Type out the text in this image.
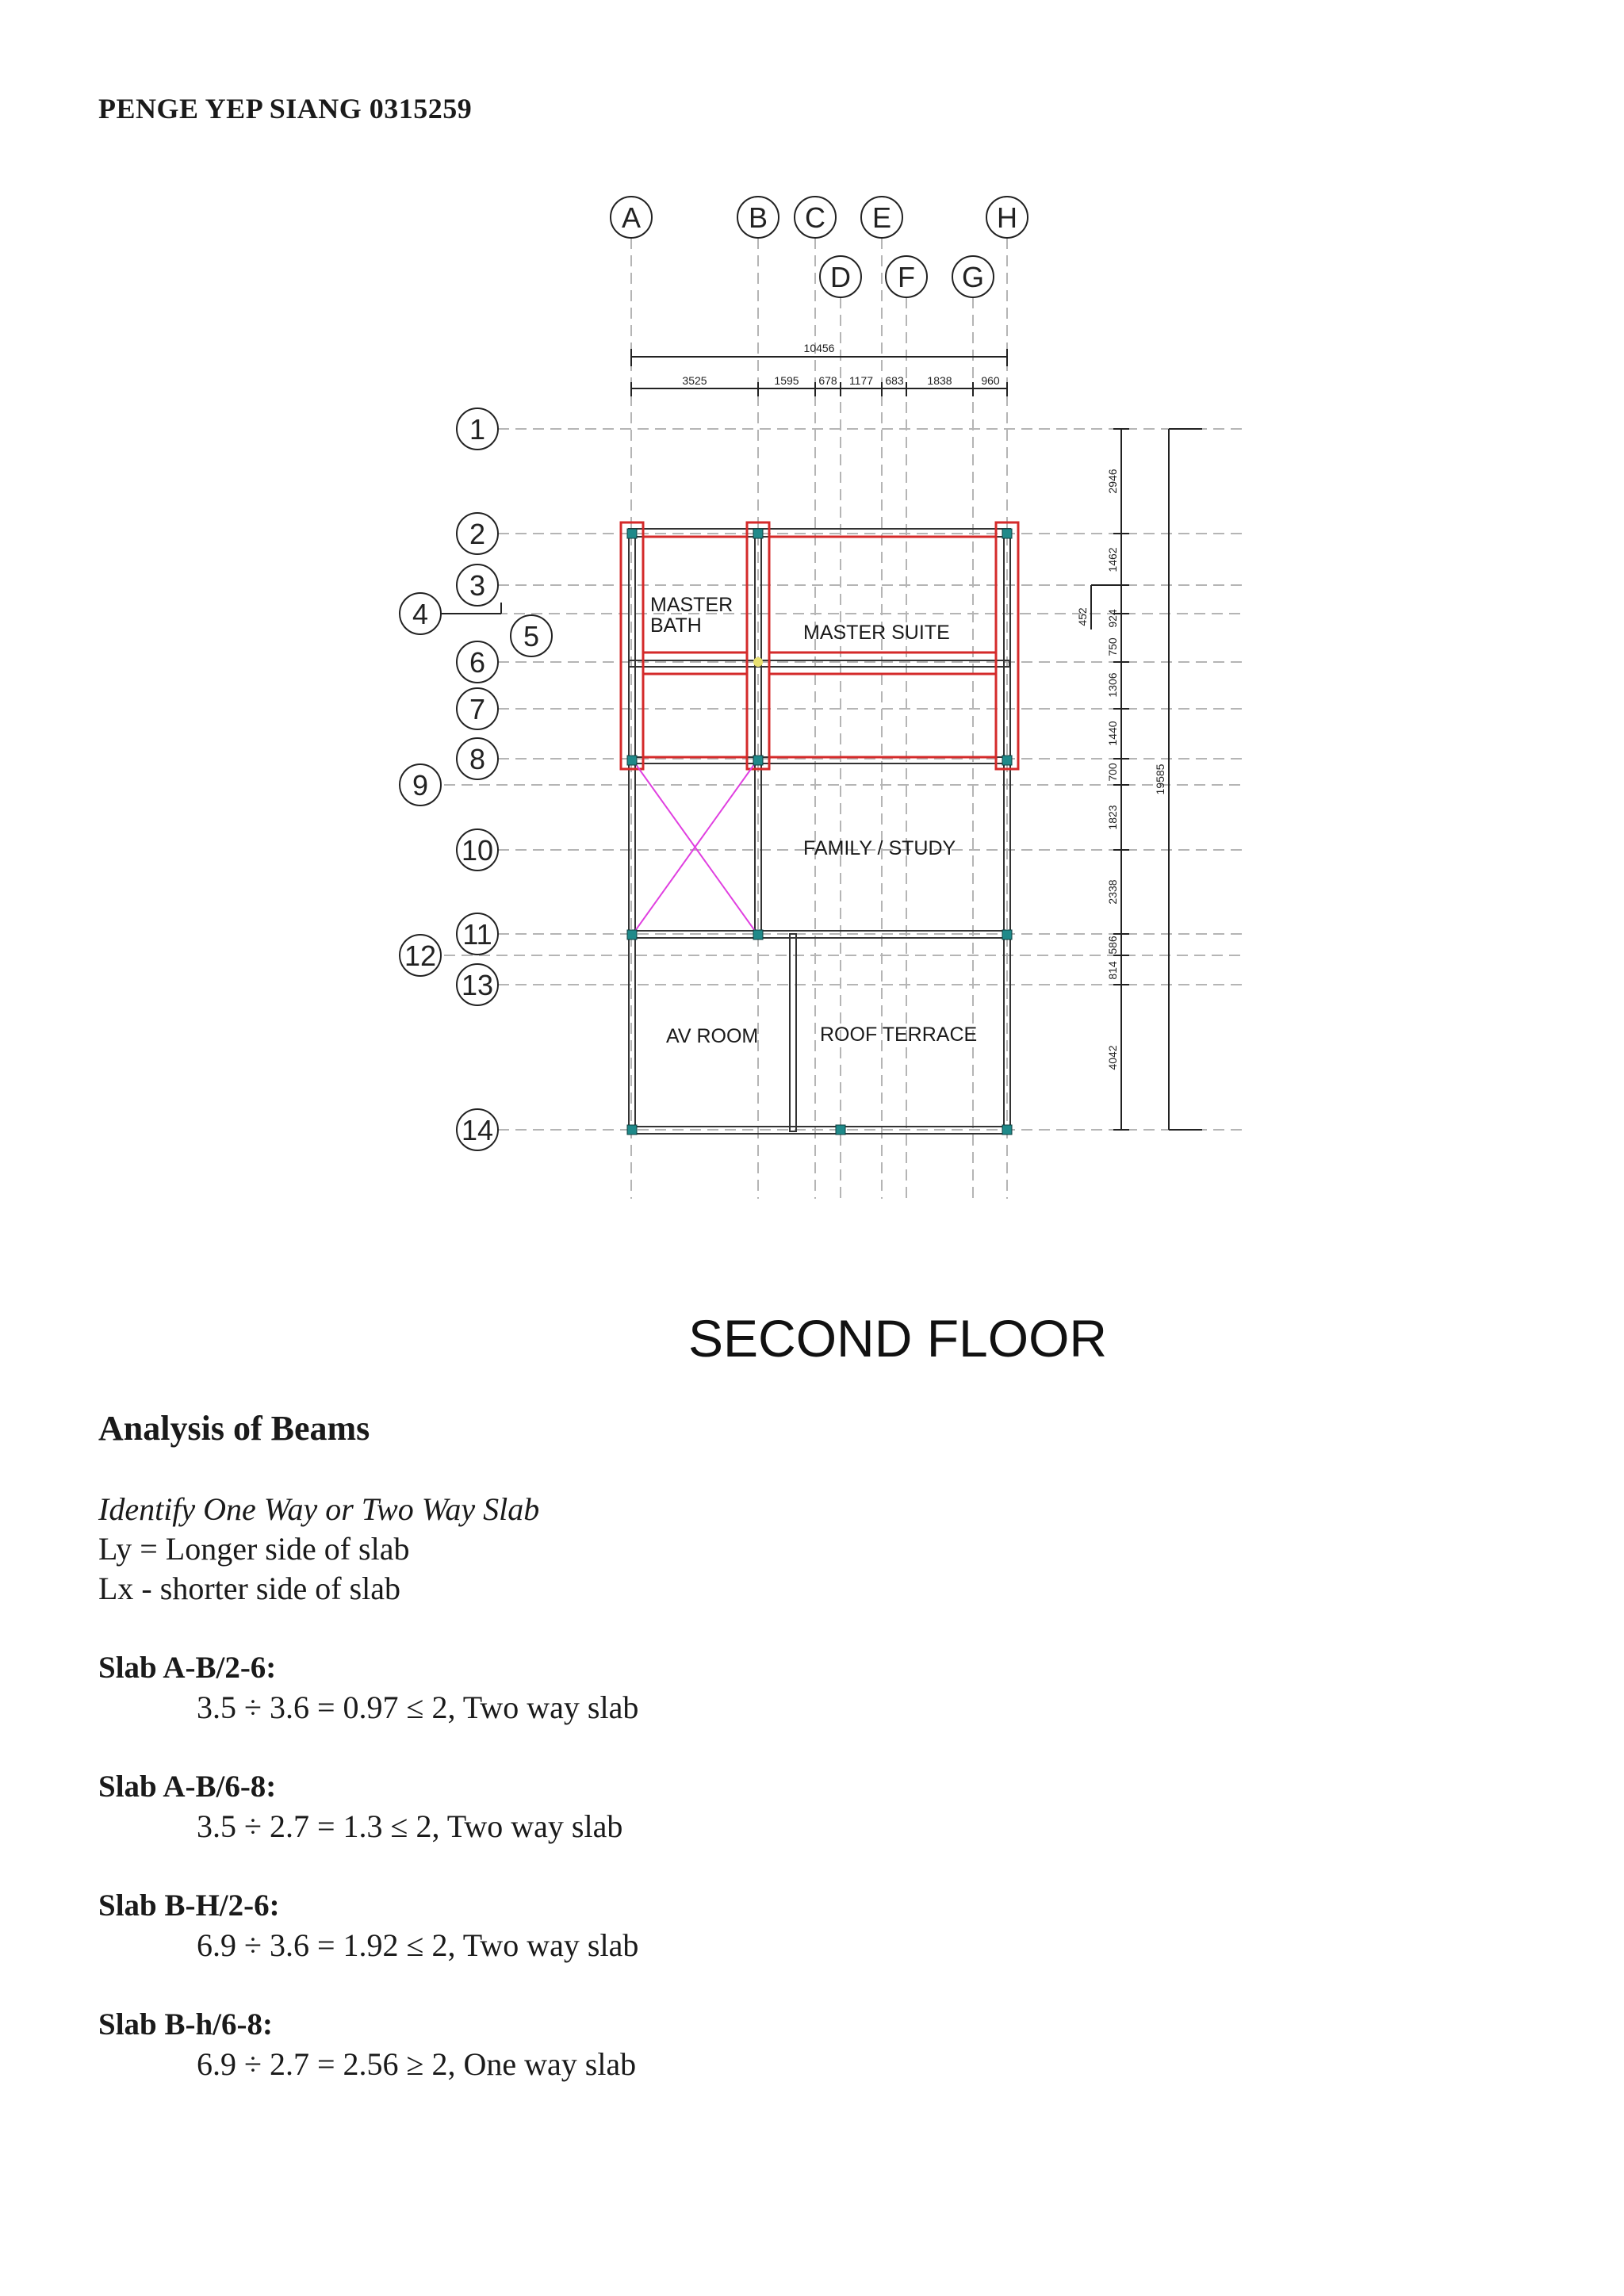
PENGE YEP SIANG 0315259
10456
3525	1595 678 1177 683 1838	960
2946
1462
924
750
1306
1440
700
1823
2338
586
814
4042
452
19585
MASTER
BATH	MASTER SUITE
FAMILY / STUDY
AV ROOM	ROOF TERRACE
A	B C E	H
D F G
1
2
3
6
7
8
10
11
13
14
4
9
12
5
SECOND FLOOR
Analysis of Beams
Identify One Way or Two Way Slab
Ly = Longer side of slab
Lx - shorter side of slab
Slab A-B/2-6:
3.5 ÷ 3.6 = 0.97 ≤ 2, Two way slab
Slab A-B/6-8:
3.5 ÷ 2.7 = 1.3 ≤ 2, Two way slab
Slab B-H/2-6:
6.9 ÷ 3.6 = 1.92 ≤ 2, Two way slab
Slab B-h/6-8:
6.9 ÷ 2.7 = 2.56 ≥ 2, One way slab
